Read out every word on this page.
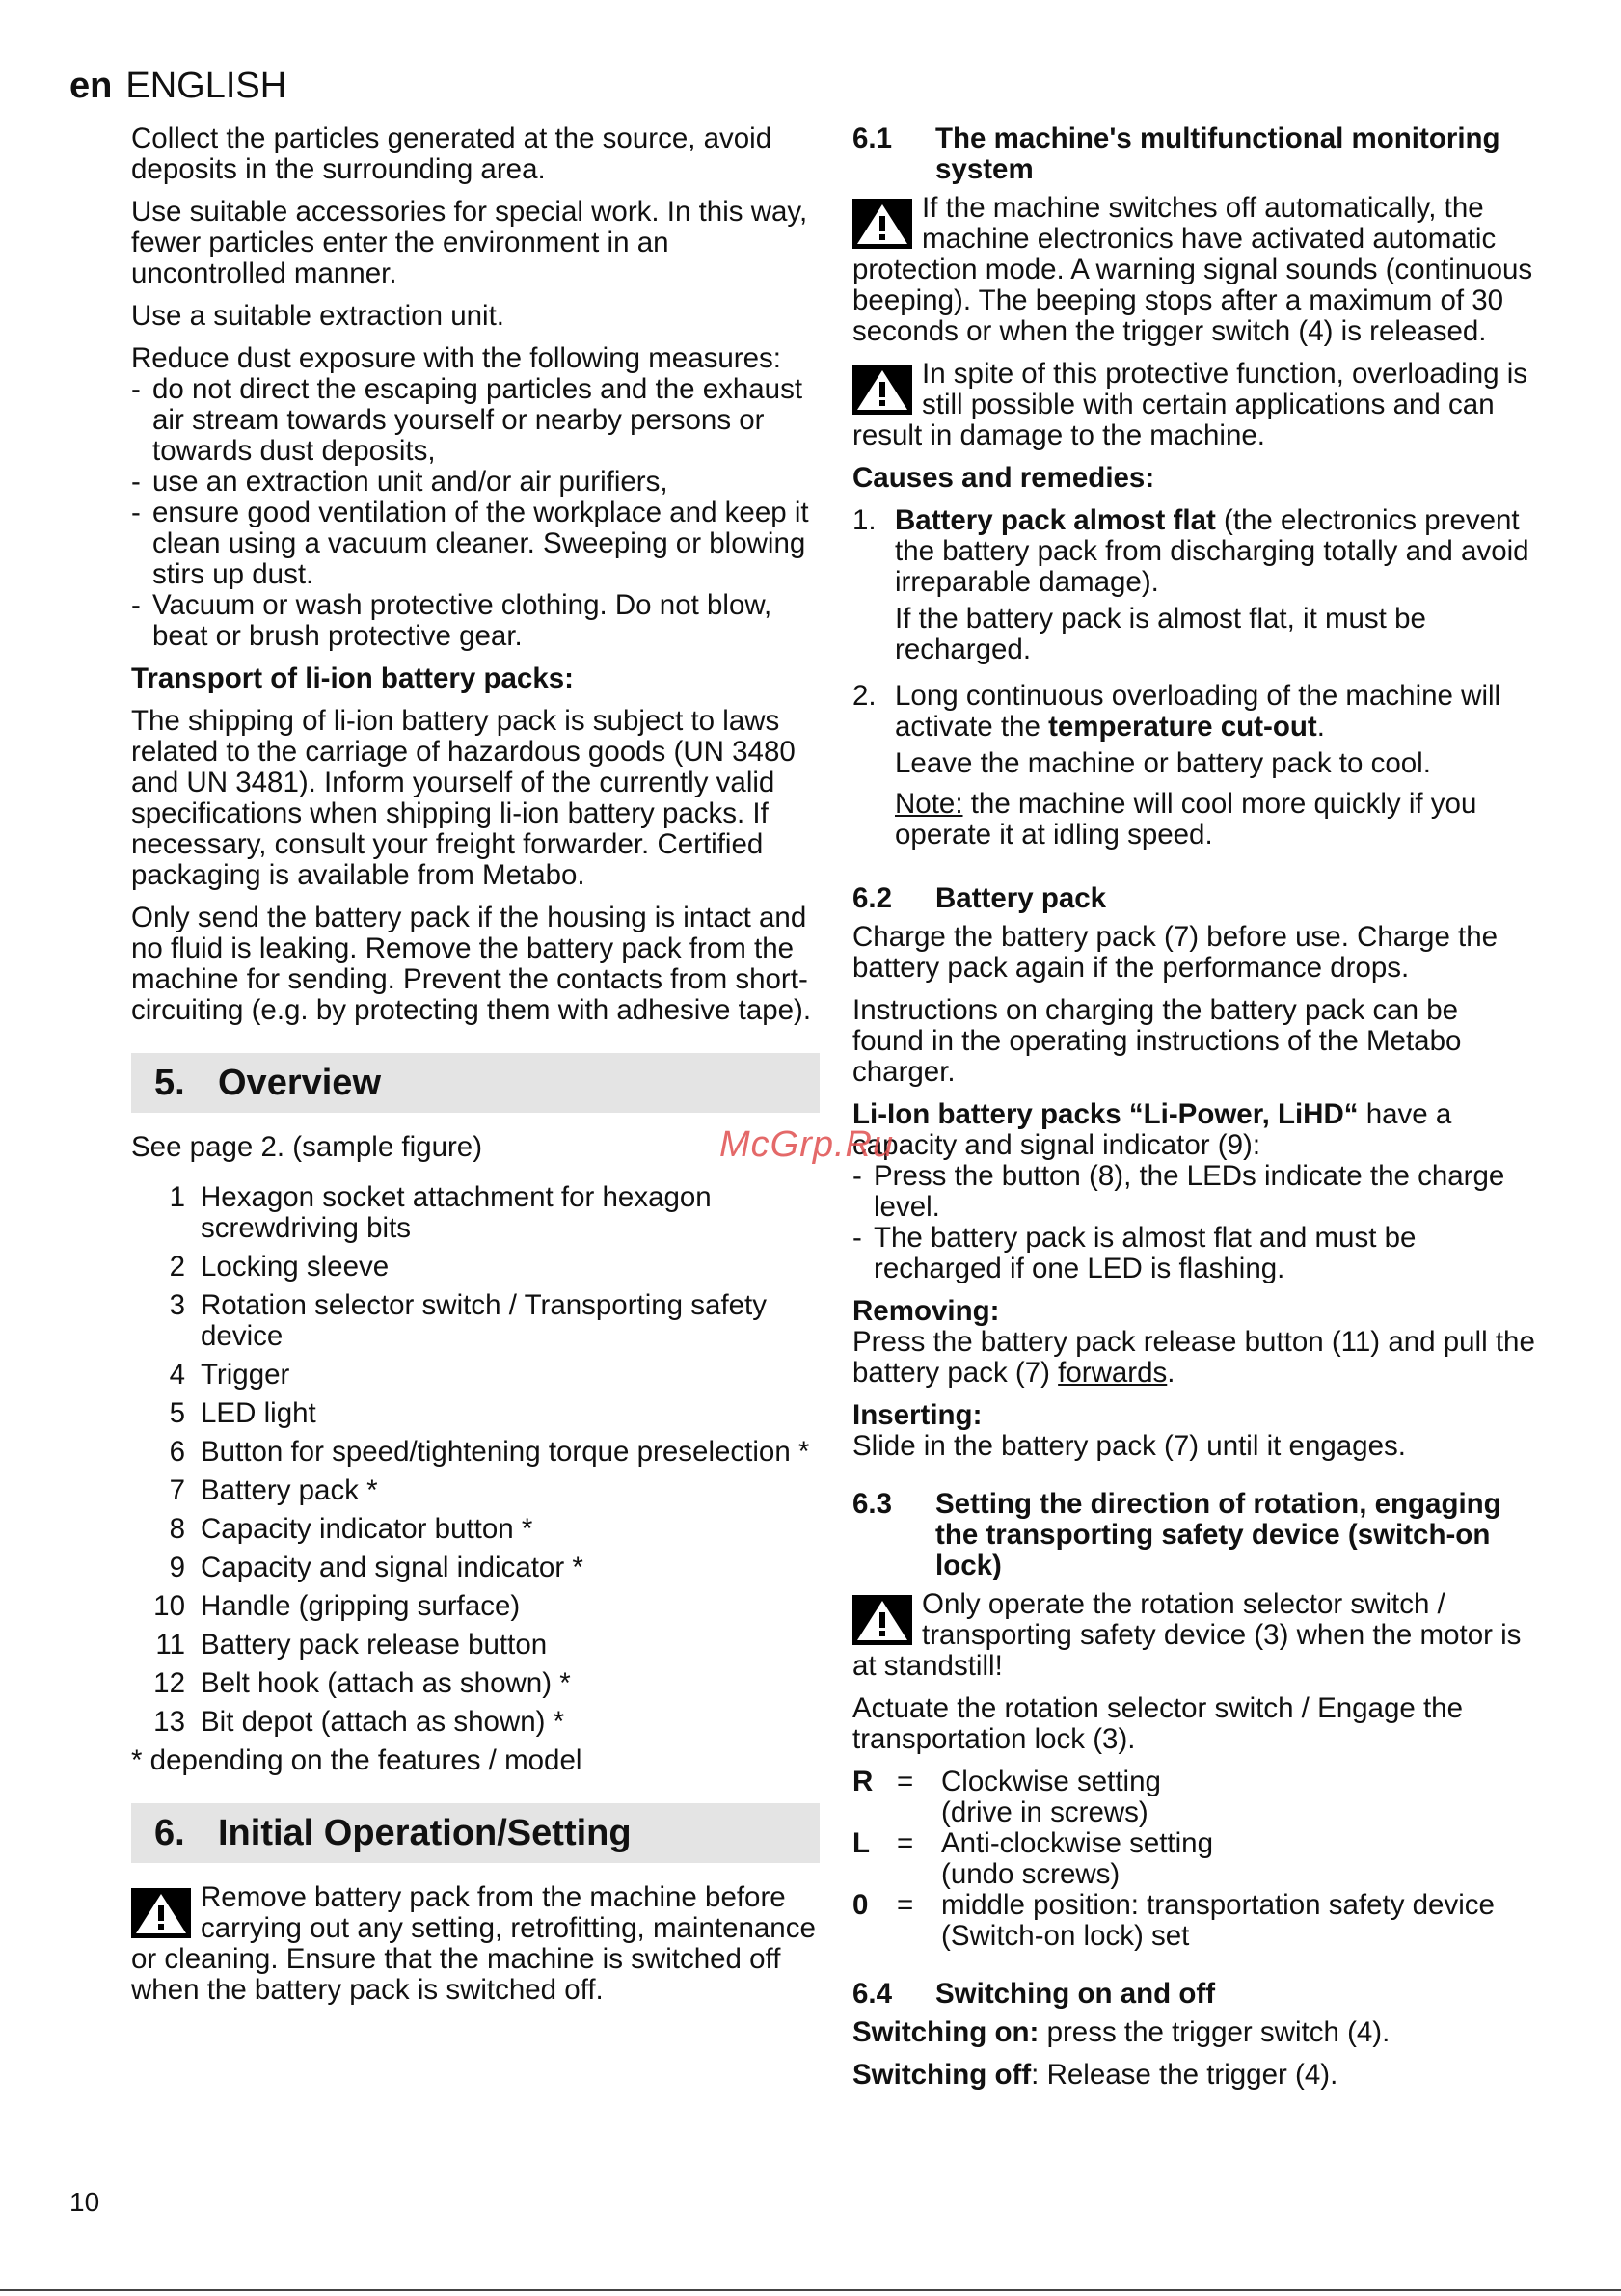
en ENGLISH

Collect the particles generated at the source, avoid deposits in the surrounding area.

Use suitable accessories for special work. In this way, fewer particles enter the environment in an uncontrolled manner.

Use a suitable extraction unit.

Reduce dust exposure with the following measures:

- do not direct the escaping particles and the exhaust air stream towards yourself or nearby persons or towards dust deposits,
- use an extraction unit and/or air purifiers,
- ensure good ventilation of the workplace and keep it clean using a vacuum cleaner. Sweeping or blowing stirs up dust.
- Vacuum or wash protective clothing. Do not blow, beat or brush protective gear.

Transport of li-ion battery packs:

The shipping of li-ion battery pack is subject to laws related to the carriage of hazardous goods (UN 3480 and UN 3481). Inform yourself of the currently valid specifications when shipping li-ion battery packs. If necessary, consult your freight forwarder. Certified packaging is available from Metabo.

Only send the battery pack if the housing is intact and no fluid is leaking. Remove the battery pack from the machine for sending. Prevent the contacts from short-circuiting (e.g. by protecting them with adhesive tape).

5. Overview

See page 2. (sample figure)

1 Hexagon socket attachment for hexagon screwdriving bits
2 Locking sleeve
3 Rotation selector switch / Transporting safety device
4 Trigger
5 LED light
6 Button for speed/tightening torque preselection *
7 Battery pack *
8 Capacity indicator button *
9 Capacity and signal indicator *
10 Handle (gripping surface)
11 Battery pack release button
12 Belt hook (attach as shown) *
13 Bit depot (attach as shown) *

* depending on the features / model

6. Initial Operation/Setting
Remove battery pack from the machine before carrying out any setting, retrofitting, maintenance or cleaning. Ensure that the machine is switched off when the battery pack is switched off.
6.1	The machine's multifunctional monitoring system
If the machine switches off automatically, the machine electronics have activated automatic protection mode. A warning signal sounds (continuous beeping). The beeping stops after a maximum of 30 seconds or when the trigger switch (4) is released.
In spite of this protective function, overloading is still possible with certain applications and can result in damage to the machine.

Causes and remedies:

1. Battery pack almost flat (the electronics prevent the battery pack from discharging totally and avoid irreparable damage).

If the battery pack is almost flat, it must be recharged.

2. Long continuous overloading of the machine will activate the temperature cut-out.

Leave the machine or battery pack to cool.

Note: the machine will cool more quickly if you operate it at idling speed.

6.2	Battery pack

Charge the battery pack (7) before use. Charge the battery pack again if the performance drops.

Instructions on charging the battery pack can be found in the operating instructions of the Metabo charger.

Li-Ion battery packs “Li-Power, LiHD“ have a capacity and signal indicator (9):

- Press the button (8), the LEDs indicate the charge level.
- The battery pack is almost flat and must be recharged if one LED is flashing.

Removing:

Press the battery pack release button (11) and pull the battery pack (7) forwards.

Inserting:

Slide in the battery pack (7) until it engages.

6.3	Setting the direction of rotation, engaging the transporting safety device (switch-on lock)
Only operate the rotation selector switch / transporting safety device (3) when the motor is at standstill!

Actuate the rotation selector switch / Engage the transportation lock (3).

R = Clockwise setting
(drive in screws)
L = Anti-clockwise setting
(undo screws)
0	= middle position: transportation safety device
(Switch-on lock) set
6.4	Switching on and off

Switching on: press the trigger switch (4).

Switching off: Release the trigger (4).

McGrp.Ru
10
